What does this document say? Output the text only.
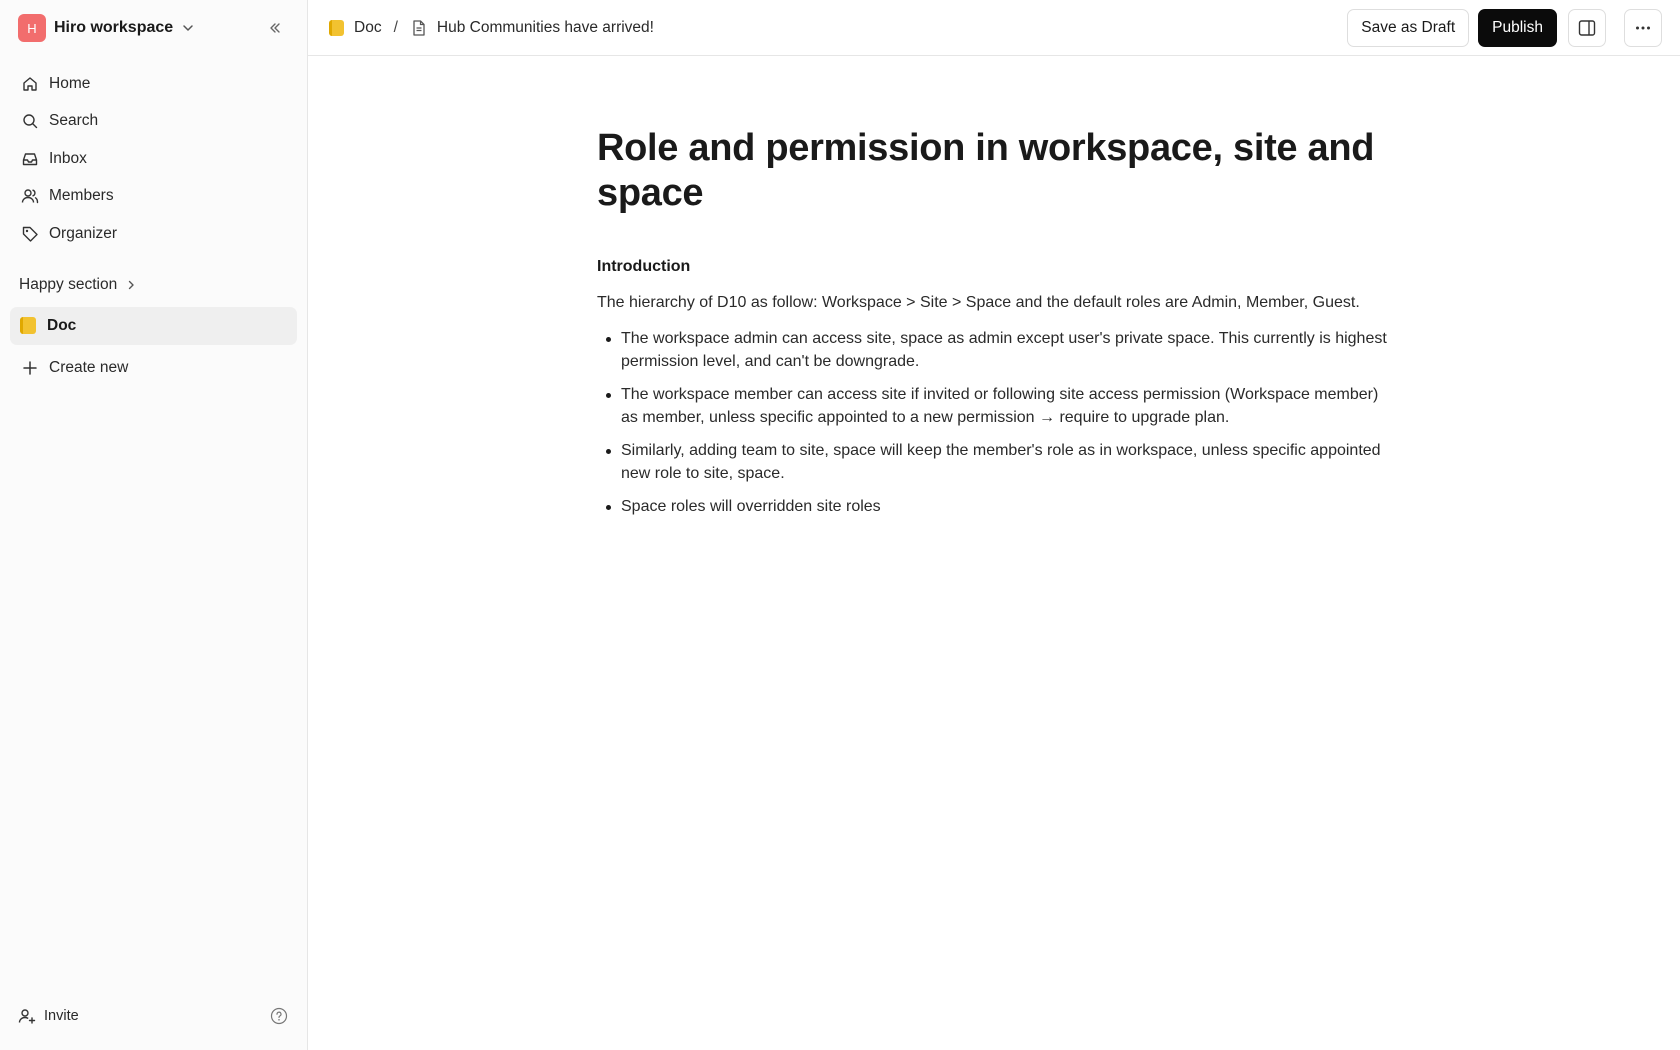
H	Hiro workspace
Home
Search
Inbox
Members
Organizer
Happy section
Doc
Create new
Invite
Doc /	Hub Communities have arrived!	Save as Draft	Publish
Role and permission in workspace, site and space
Introduction

The hierarchy of D10 as follow: Workspace > Site > Space and the default roles are Admin, Member, Guest.

The workspace admin can access site, space as admin except user's private space. This currently is highest permission level, and can't be downgrade.
The workspace member can access site if invited or following site access permission (Workspace member) as member, unless specific appointed to a new permission → require to upgrade plan.
Similarly, adding team to site, space will keep the member's role as in workspace, unless specific appointed new role to site, space.
Space roles will overridden site roles
